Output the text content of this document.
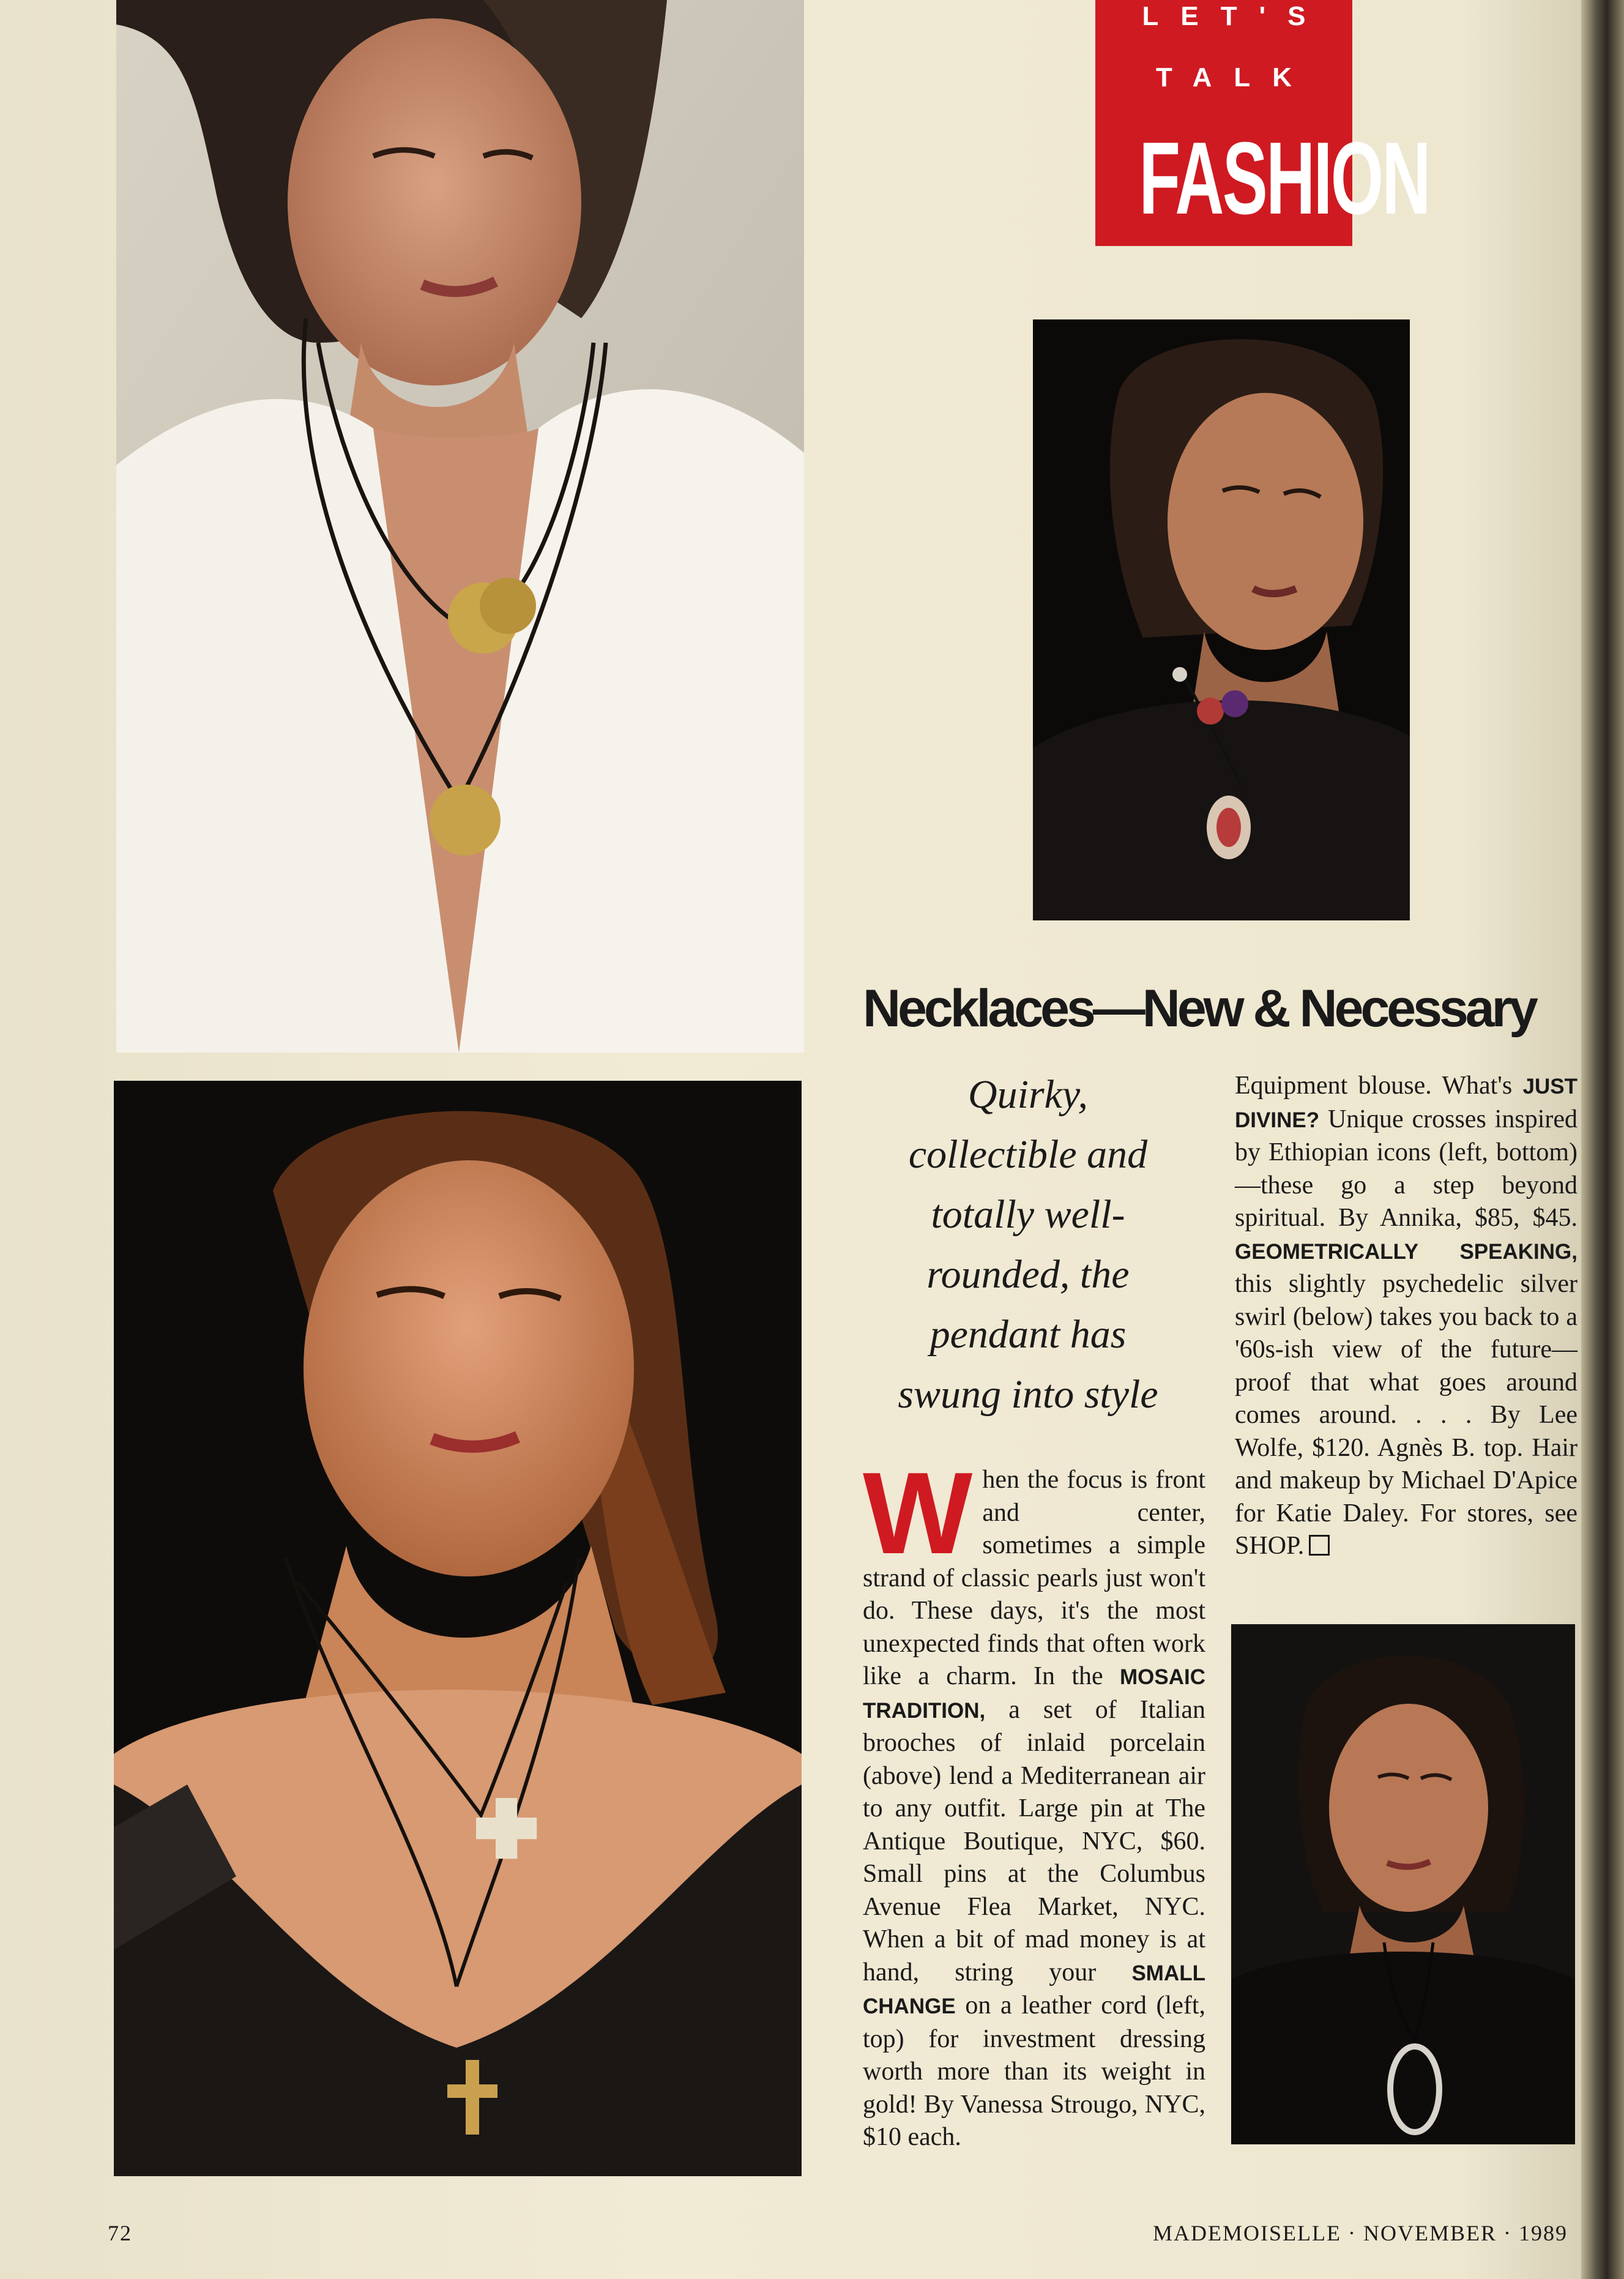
LET'S
TALK
FASHION
Necklaces—New & Necessary
Quirky,
collectible and
totally well-
rounded, the
pendant has
swung into style

When the focus is front and center, sometimes a simple strand of classic pearls just won't do. These days, it's the most unexpected finds that often work like a charm. In the MOSAIC TRADITION, a set of Italian brooches of inlaid porcelain (above) lend a Mediterranean air to any outfit. Large pin at The Antique Boutique, NYC, $60. Small pins at the Columbus Avenue Flea Market, NYC. When a bit of mad money is at hand, string your SMALL CHANGE on a leather cord (left, top) for investment dressing worth more than its weight in gold! By Vanessa Strougo, NYC, $10 each.

Equipment blouse. What's JUST DIVINE? Unique crosses inspired by Ethiopian icons (left, bottom)—these go a step beyond spiritual. By Annika, $85, $45. GEOMETRICALLY SPEAKING, this slightly psychedelic silver swirl (below) takes you back to a '60s-ish view of the future—proof that what goes around comes around. . . . By Lee Wolfe, $120. Agnès B. top. Hair and makeup by Michael D'Apice for Katie Daley. For stores, see SHOP.

72	MADEMOISELLE · NOVEMBER · 1989
